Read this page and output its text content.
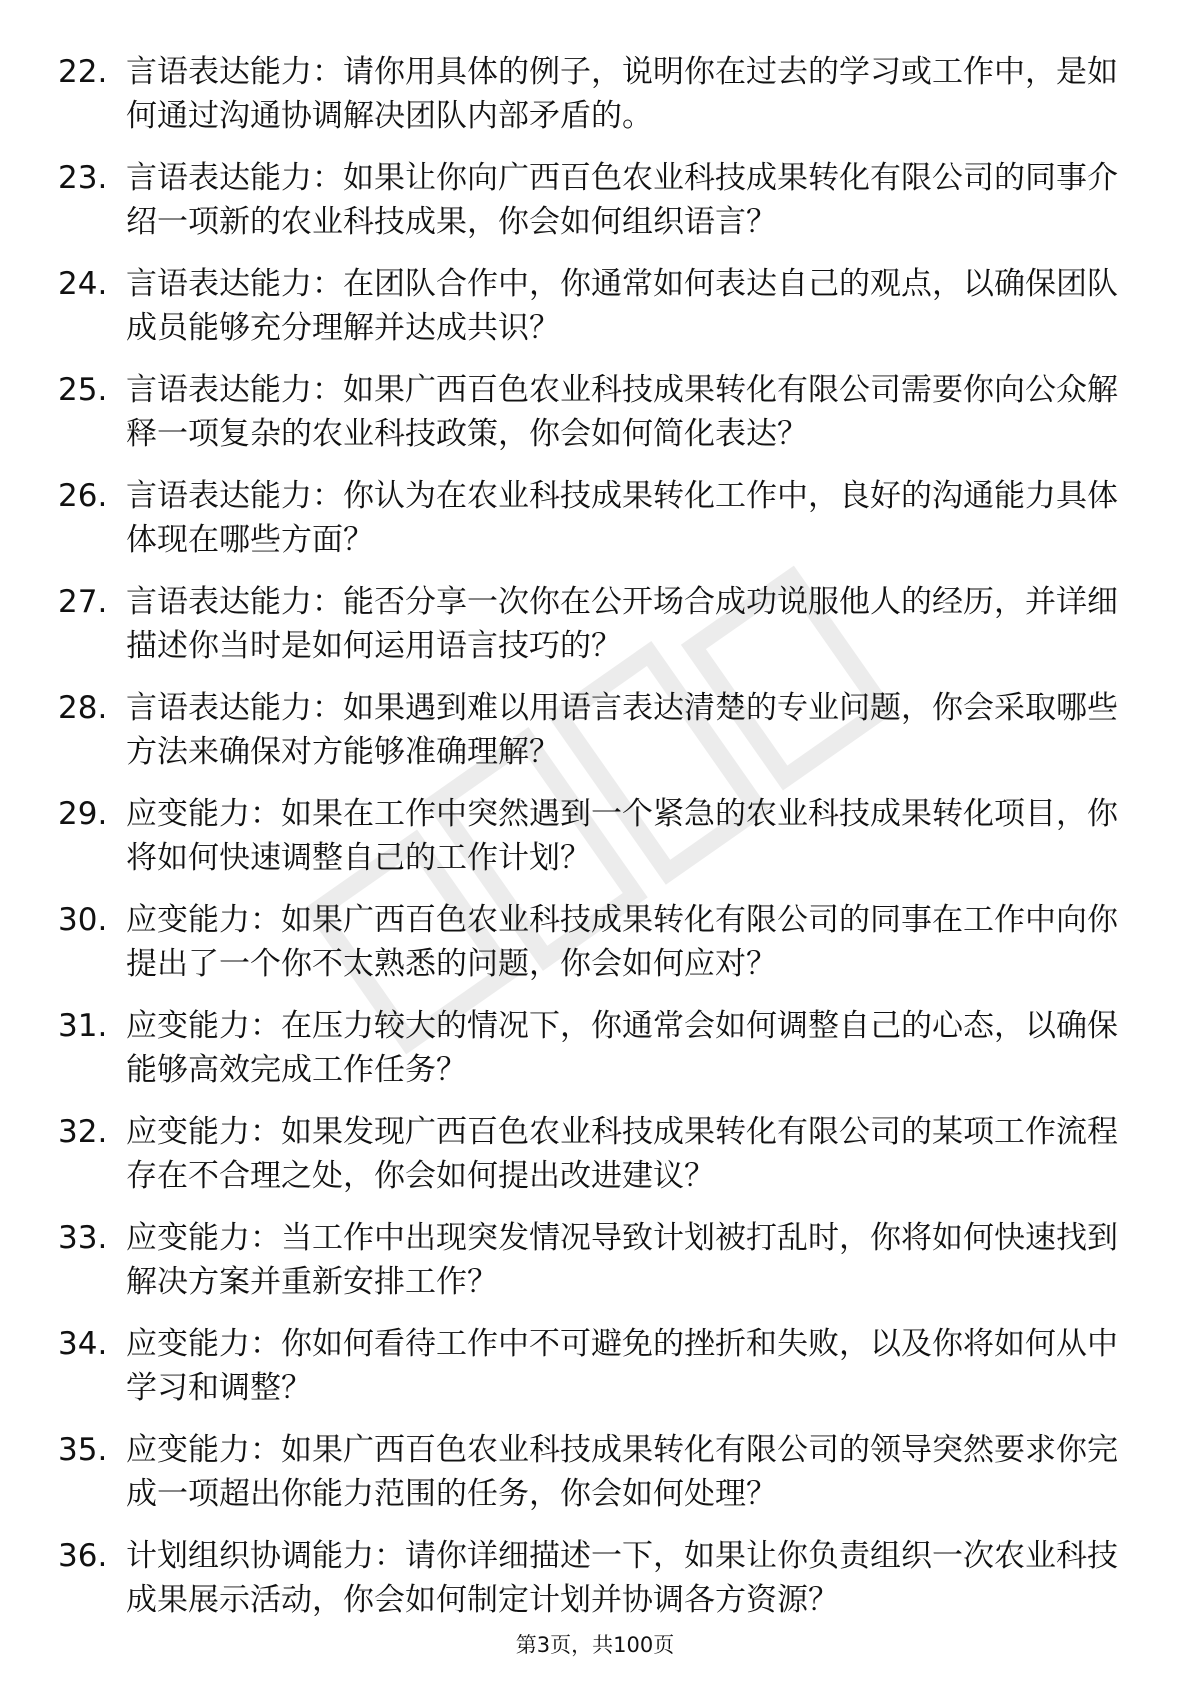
22. 言语表达能力：请你用具体的例子，说明你在过去的学习或工作中，是如何通过沟通协调解决团队内部矛盾的。
23. 言语表达能力：如果让你向广西百色农业科技成果转化有限公司的同事介绍一项新的农业科技成果，你会如何组织语言？
24. 言语表达能力：在团队合作中，你通常如何表达自己的观点，以确保团队成员能够充分理解并达成共识？
25. 言语表达能力：如果广西百色农业科技成果转化有限公司需要你向公众解释一项复杂的农业科技政策，你会如何简化表达？
26. 言语表达能力：你认为在农业科技成果转化工作中，良好的沟通能力具体体现在哪些方面？
27. 言语表达能力：能否分享一次你在公开场合成功说服他人的经历，并详细描述你当时是如何运用语言技巧的？
28. 言语表达能力：如果遇到难以用语言表达清楚的专业问题，你会采取哪些方法来确保对方能够准确理解？
29. 应变能力：如果在工作中突然遇到一个紧急的农业科技成果转化项目，你将如何快速调整自己的工作计划？
30. 应变能力：如果广西百色农业科技成果转化有限公司的同事在工作中向你提出了一个你不太熟悉的问题，你会如何应对？
31. 应变能力：在压力较大的情况下，你通常会如何调整自己的心态，以确保能够高效完成工作任务？
32. 应变能力：如果发现广西百色农业科技成果转化有限公司的某项工作流程存在不合理之处，你会如何提出改进建议？
33. 应变能力：当工作中出现突发情况导致计划被打乱时，你将如何快速找到解决方案并重新安排工作？
34. 应变能力：你如何看待工作中不可避免的挫折和失败，以及你将如何从中学习和调整？
35. 应变能力：如果广西百色农业科技成果转化有限公司的领导突然要求你完成一项超出你能力范围的任务，你会如何处理？
36. 计划组织协调能力：请你详细描述一下，如果让你负责组织一次农业科技成果展示活动，你会如何制定计划并协调各方资源？
第3页，共100页
